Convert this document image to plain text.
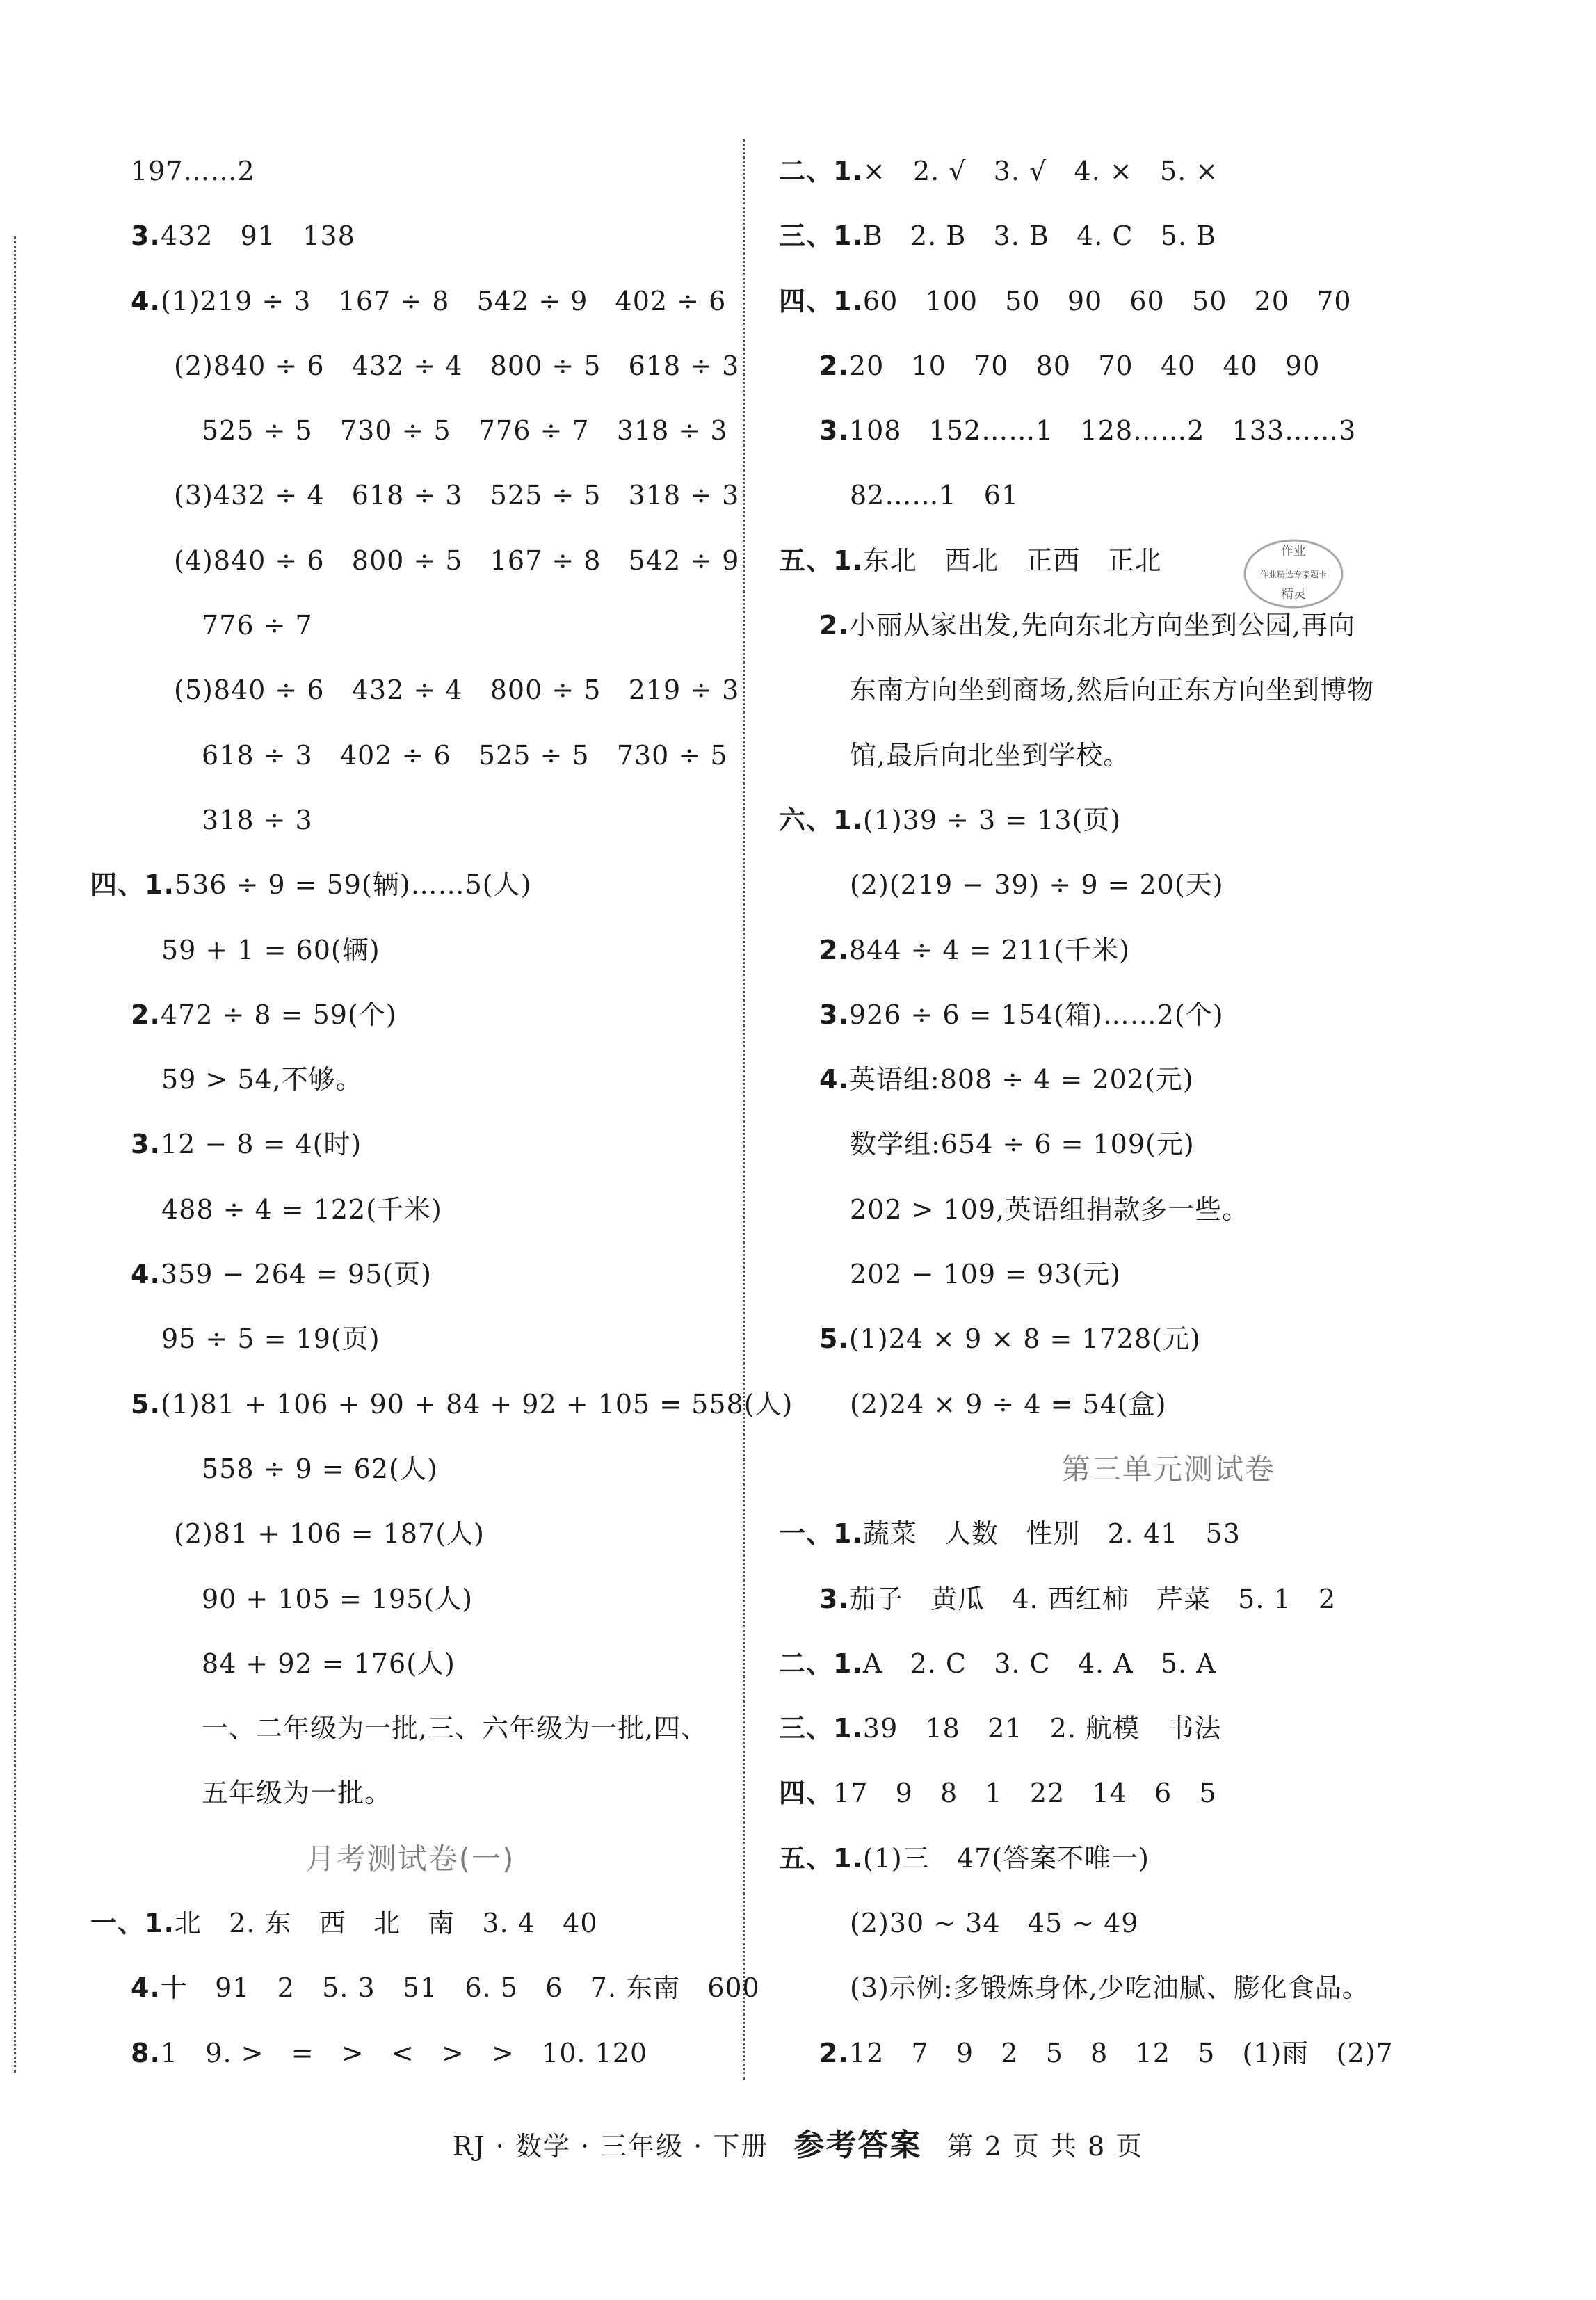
197……2
3.432   91   138
4.(1)219 ÷ 3   167 ÷ 8   542 ÷ 9   402 ÷ 6
(2)840 ÷ 6   432 ÷ 4   800 ÷ 5   618 ÷ 3
525 ÷ 5   730 ÷ 5   776 ÷ 7   318 ÷ 3
(3)432 ÷ 4   618 ÷ 3   525 ÷ 5   318 ÷ 3
(4)840 ÷ 6   800 ÷ 5   167 ÷ 8   542 ÷ 9
776 ÷ 7
(5)840 ÷ 6   432 ÷ 4   800 ÷ 5   219 ÷ 3
618 ÷ 3   402 ÷ 6   525 ÷ 5   730 ÷ 5
318 ÷ 3
四、1.536 ÷ 9 = 59(辆)……5(人)
59 + 1 = 60(辆)
2.472 ÷ 8 = 59(个)
59 > 54,不够。
3.12 − 8 = 4(时)
488 ÷ 4 = 122(千米)
4.359 − 264 = 95(页)
95 ÷ 5 = 19(页)
5.(1)81 + 106 + 90 + 84 + 92 + 105 = 558(人)
558 ÷ 9 = 62(人)
(2)81 + 106 = 187(人)
90 + 105 = 195(人)
84 + 92 = 176(人)
一、二年级为一批,三、六年级为一批,四、
五年级为一批。
月考测试卷(一)
一、1.北   2. 东   西   北   南   3. 4   40
4.十   91   2   5. 3   51   6. 5   6   7. 东南   600
8.1   9. >   =   >   <   >   >   10. 120
二、1.×   2. √   3. √   4. ×   5. ×
三、1.B   2. B   3. B   4. C   5. B
四、1.60   100   50   90   60   50   20   70
2.20   10   70   80   70   40   40   90
3.108   152……1   128……2   133……3
82……1   61
五、1.东北   西北   正西   正北
2.小丽从家出发,先向东北方向坐到公园,再向
东南方向坐到商场,然后向正东方向坐到博物
馆,最后向北坐到学校。
六、1.(1)39 ÷ 3 = 13(页)
(2)(219 − 39) ÷ 9 = 20(天)
2.844 ÷ 4 = 211(千米)
3.926 ÷ 6 = 154(箱)……2(个)
4.英语组:808 ÷ 4 = 202(元)
数学组:654 ÷ 6 = 109(元)
202 > 109,英语组捐款多一些。
202 − 109 = 93(元)
5.(1)24 × 9 × 8 = 1728(元)
(2)24 × 9 ÷ 4 = 54(盒)
第三单元测试卷
一、1.蔬菜   人数   性别   2. 41   53
3.茄子   黄瓜   4. 西红柿   芹菜   5. 1   2
二、1.A   2. C   3. C   4. A   5. A
三、1.39   18   21   2. 航模   书法
四、17   9   8   1   22   14   6   5
五、1.(1)三   47(答案不唯一)
(2)30 ~ 34   45 ~ 49
(3)示例:多锻炼身体,少吃油腻、膨化食品。
2.12   7   9   2   5   8   12   5   (1)雨   (2)7
作业
作业精选专家题卡
精灵
RJ · 数学 · 三年级 · 下册 参考答案 第 2 页 共 8 页
